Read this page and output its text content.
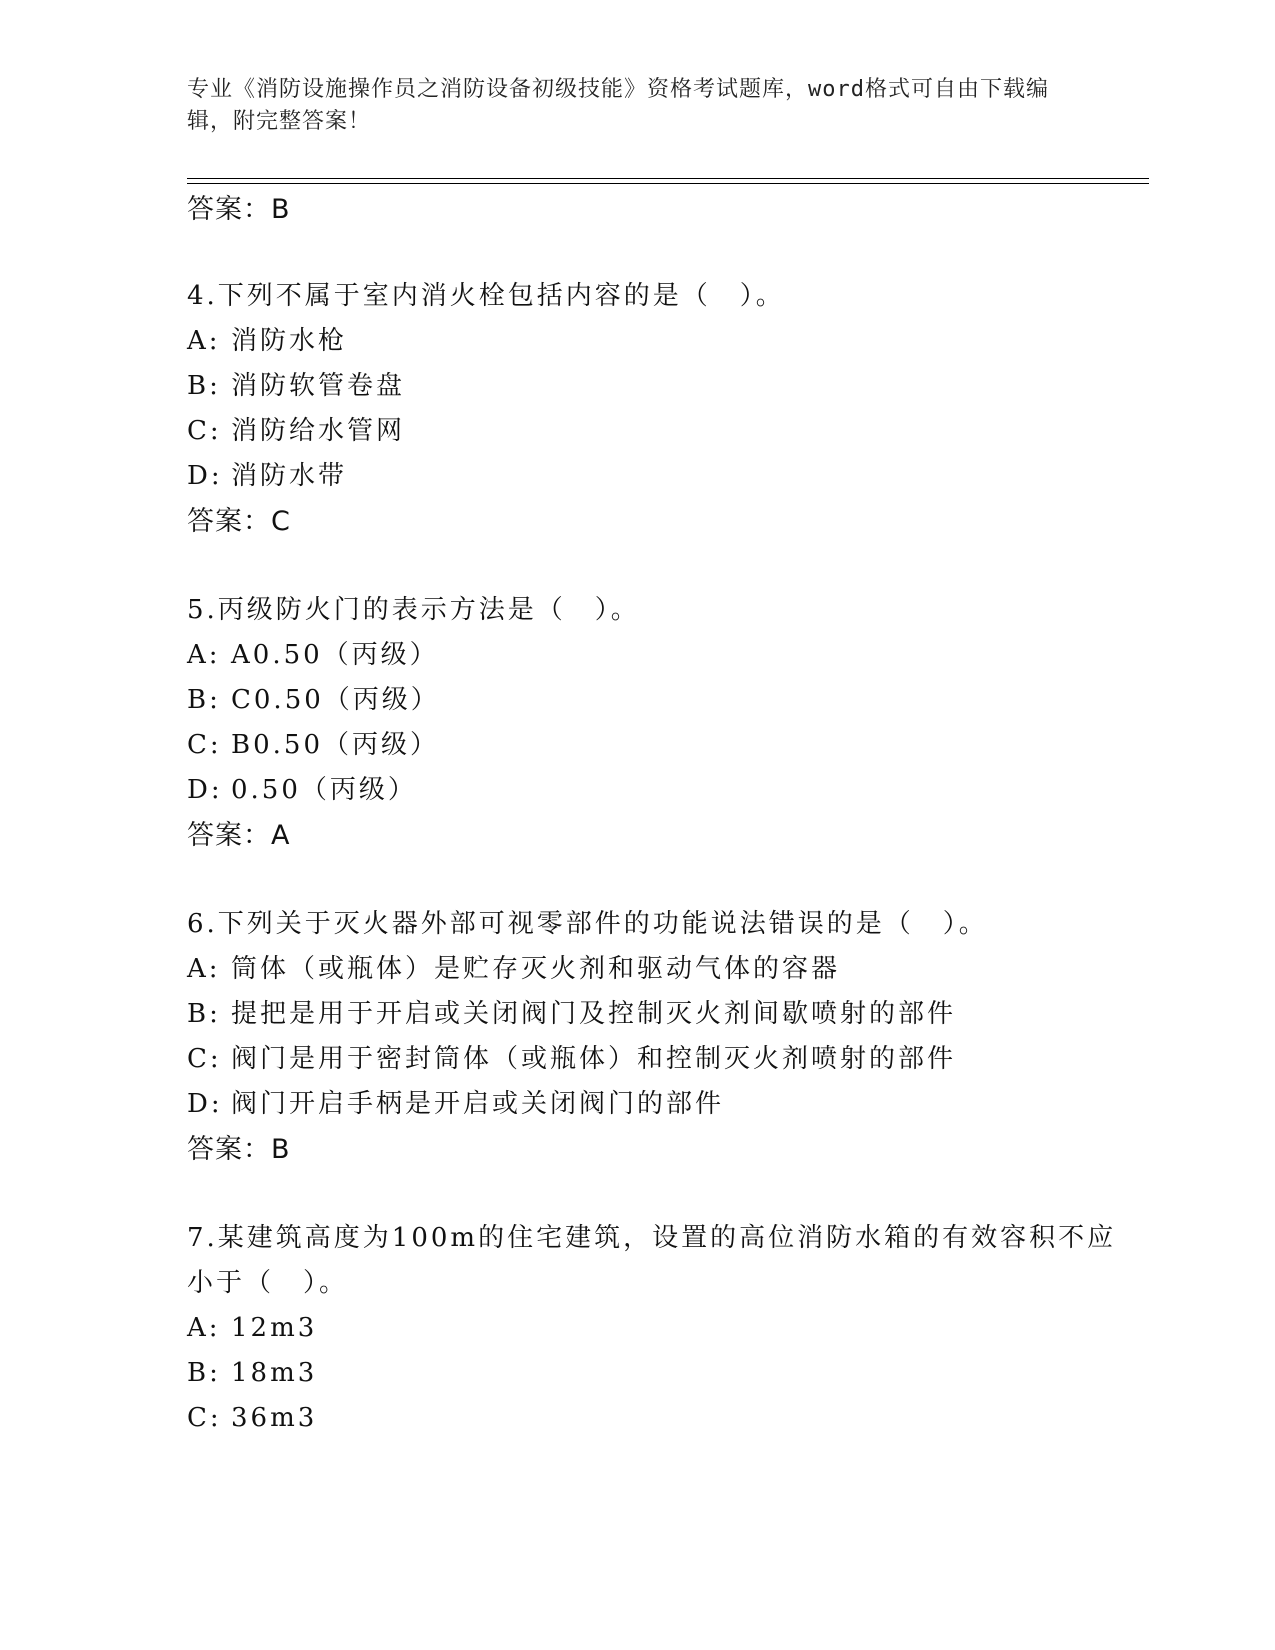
专业《消防设施操作员之消防设备初级技能》资格考试题库，word格式可自由下载编辑，附完整答案！
答案：B
4.下列不属于室内消火栓包括内容的是（　）。
A: 消防水枪
B: 消防软管卷盘
C: 消防给水管网
D: 消防水带
答案：C
5.丙级防火门的表示方法是（　）。
A: A0.50（丙级）
B: C0.50（丙级）
C: B0.50（丙级）
D: 0.50（丙级）
答案：A
6.下列关于灭火器外部可视零部件的功能说法错误的是（　）。
A: 筒体（或瓶体）是贮存灭火剂和驱动气体的容器
B: 提把是用于开启或关闭阀门及控制灭火剂间歇喷射的部件
C: 阀门是用于密封筒体（或瓶体）和控制灭火剂喷射的部件
D: 阀门开启手柄是开启或关闭阀门的部件
答案：B
7.某建筑高度为100m的住宅建筑，设置的高位消防水箱的有效容积不应小于（　）。
A: 12m3
B: 18m3
C: 36m3
